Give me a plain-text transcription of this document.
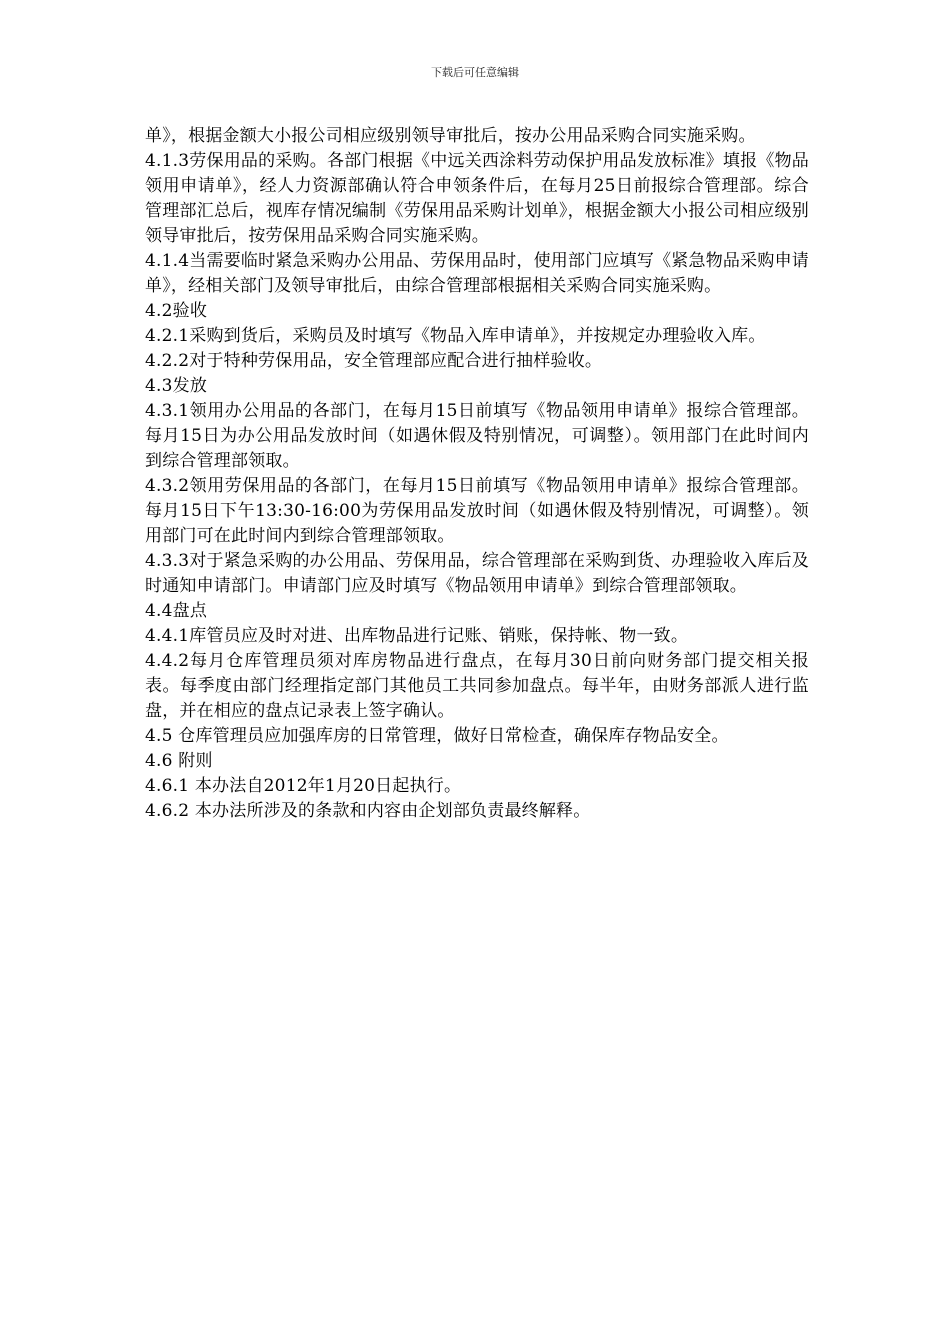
下载后可任意编辑

单》，根据金额大小报公司相应级别领导审批后，按办公用品采购合同实施采购。

4.1.3劳保用品的采购。各部门根据《中远关西涂料劳动保护用品发放标准》填报《物品领用申请单》，经人力资源部确认符合申领条件后，在每月25日前报综合管理部。综合管理部汇总后，视库存情况编制《劳保用品采购计划单》，根据金额大小报公司相应级别领导审批后，按劳保用品采购合同实施采购。

4.1.4当需要临时紧急采购办公用品、劳保用品时，使用部门应填写《紧急物品采购申请单》，经相关部门及领导审批后，由综合管理部根据相关采购合同实施采购。

4.2验收

4.2.1采购到货后，采购员及时填写《物品入库申请单》，并按规定办理验收入库。

4.2.2对于特种劳保用品，安全管理部应配合进行抽样验收。

4.3发放

4.3.1领用办公用品的各部门，在每月15日前填写《物品领用申请单》报综合管理部。每月15日为办公用品发放时间（如遇休假及特别情况，可调整）。领用部门在此时间内到综合管理部领取。

4.3.2领用劳保用品的各部门，在每月15日前填写《物品领用申请单》报综合管理部。每月15日下午13:30-16:00为劳保用品发放时间（如遇休假及特别情况，可调整）。领用部门可在此时间内到综合管理部领取。

4.3.3对于紧急采购的办公用品、劳保用品，综合管理部在采购到货、办理验收入库后及时通知申请部门。申请部门应及时填写《物品领用申请单》到综合管理部领取。

4.4盘点

4.4.1库管员应及时对进、出库物品进行记账、销账，保持帐、物一致。

4.4.2每月仓库管理员须对库房物品进行盘点，在每月30日前向财务部门提交相关报表。每季度由部门经理指定部门其他员工共同参加盘点。每半年，由财务部派人进行监盘，并在相应的盘点记录表上签字确认。

4.5 仓库管理员应加强库房的日常管理，做好日常检查，确保库存物品安全。

4.6 附则

4.6.1 本办法自2012年1月20日起执行。

4.6.2 本办法所涉及的条款和内容由企划部负责最终解释。
